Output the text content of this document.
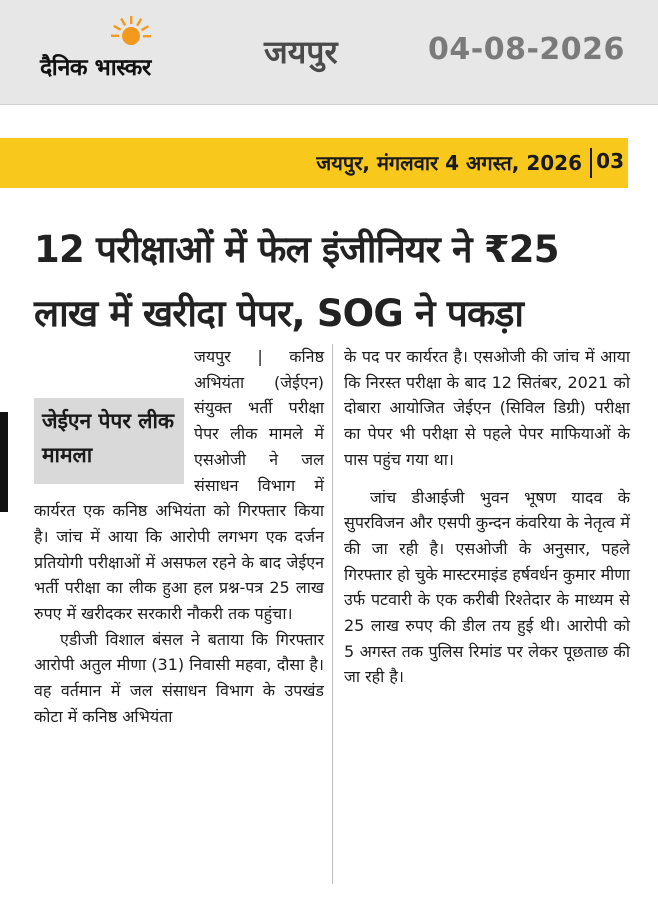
दैनिक भास्कर	जयपुर	04-08-2026
जयपुर, मंगलवार 4 अगस्त, 2026 03
12 परीक्षाओं में फेल इंजीनियर ने ₹25
लाख में खरीदा पेपर, SOG ने पकड़ा
जेईएन पेपर लीक मामला

जयपुर | कनिष्ठ अभियंता (जेईएन) संयुक्त भर्ती परीक्षा पेपर लीक मामले में एसओजी ने जल संसाधन विभाग में कार्यरत एक कनिष्ठ अभियंता को गिरफ्तार किया है। जांच में आया कि आरोपी लगभग एक दर्जन प्रतियोगी परीक्षाओं में असफल रहने के बाद जेईएन भर्ती परीक्षा का लीक हुआ हल प्रश्न-पत्र 25 लाख रुपए में खरीदकर सरकारी नौकरी तक पहुंचा।

एडीजी विशाल बंसल ने बताया कि गिरफ्तार आरोपी अतुल मीणा (31) निवासी महवा, दौसा है। वह वर्तमान में जल संसाधन विभाग के उपखंड कोटा में कनिष्ठ अभियंता

के पद पर कार्यरत है। एसओजी की जांच में आया कि निरस्त परीक्षा के बाद 12 सितंबर, 2021 को दोबारा आयोजित जेईएन (सिविल डिग्री) परीक्षा का पेपर भी परीक्षा से पहले पेपर माफियाओं के पास पहुंच गया था।

जांच डीआईजी भुवन भूषण यादव के सुपरविजन और एसपी कुन्दन कंवरिया के नेतृत्व में की जा रही है। एसओजी के अनुसार, पहले गिरफ्तार हो चुके मास्टरमाइंड हर्षवर्धन कुमार मीणा उर्फ पटवारी के एक करीबी रिश्तेदार के माध्यम से 25 लाख रुपए की डील तय हुई थी। आरोपी को 5 अगस्त तक पुलिस रिमांड पर लेकर पूछताछ की जा रही है।
